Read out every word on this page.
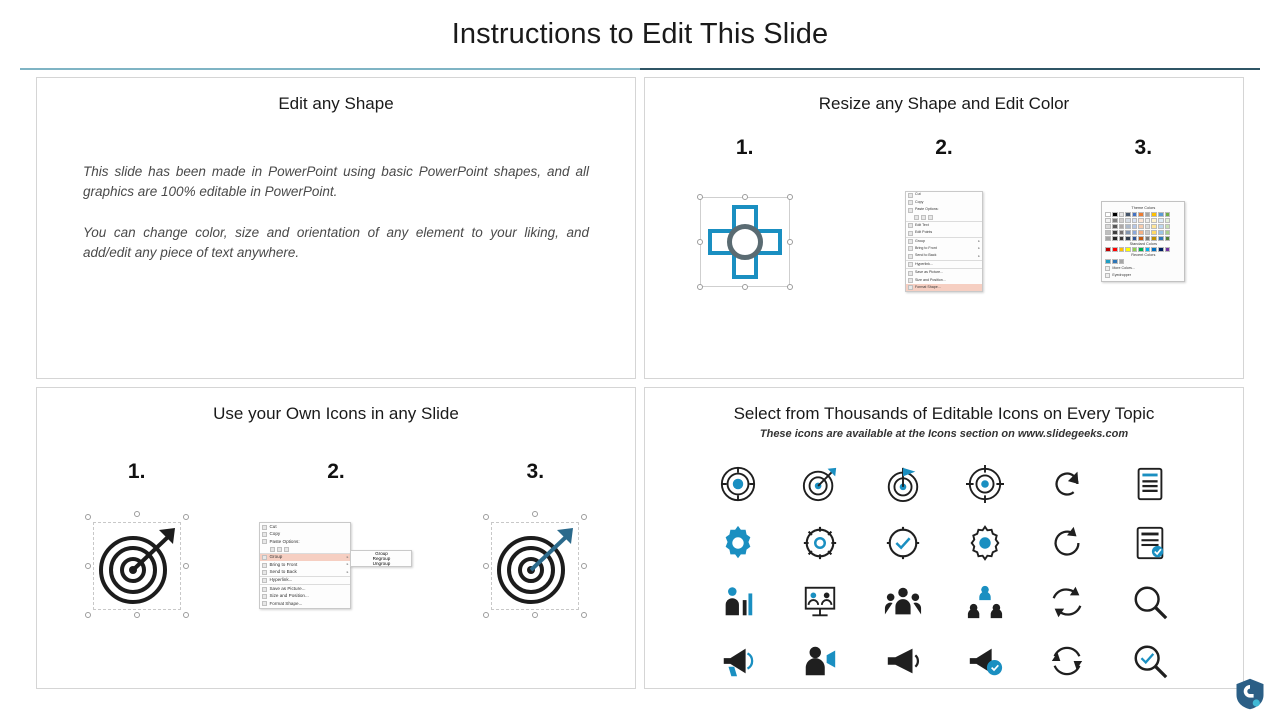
Instructions to Edit This Slide
Edit any Shape
This slide has been made in PowerPoint using basic PowerPoint shapes, and all graphics are 100% editable in PowerPoint.
You can change color, size and orientation of any element to your liking, and add/edit any piece of text anywhere.
Resize any Shape and Edit Color
1.	2.
Cut
Copy
Paste Options:
Edit Text
Edit Points
Group	▸
Bring to Front	▸
Send to Back	▸
Hyperlink...
Save as Picture...
Size and Position...
Format Shape...
3.
Theme Colors
Standard Colors
Recent Colors
More Colors...
Eyedropper
Use your Own Icons in any Slide
1.	2.
Cut
Copy
Paste Options:
Group	▸
Bring to Front	▸
Send to Back	▸
Hyperlink...
Save as Picture...
Size and Position...
Format Shape...
Group
Regroup
Ungroup
3.
Select from Thousands of Editable Icons on Every Topic
These icons are available at the Icons section on www.slidegeeks.com
